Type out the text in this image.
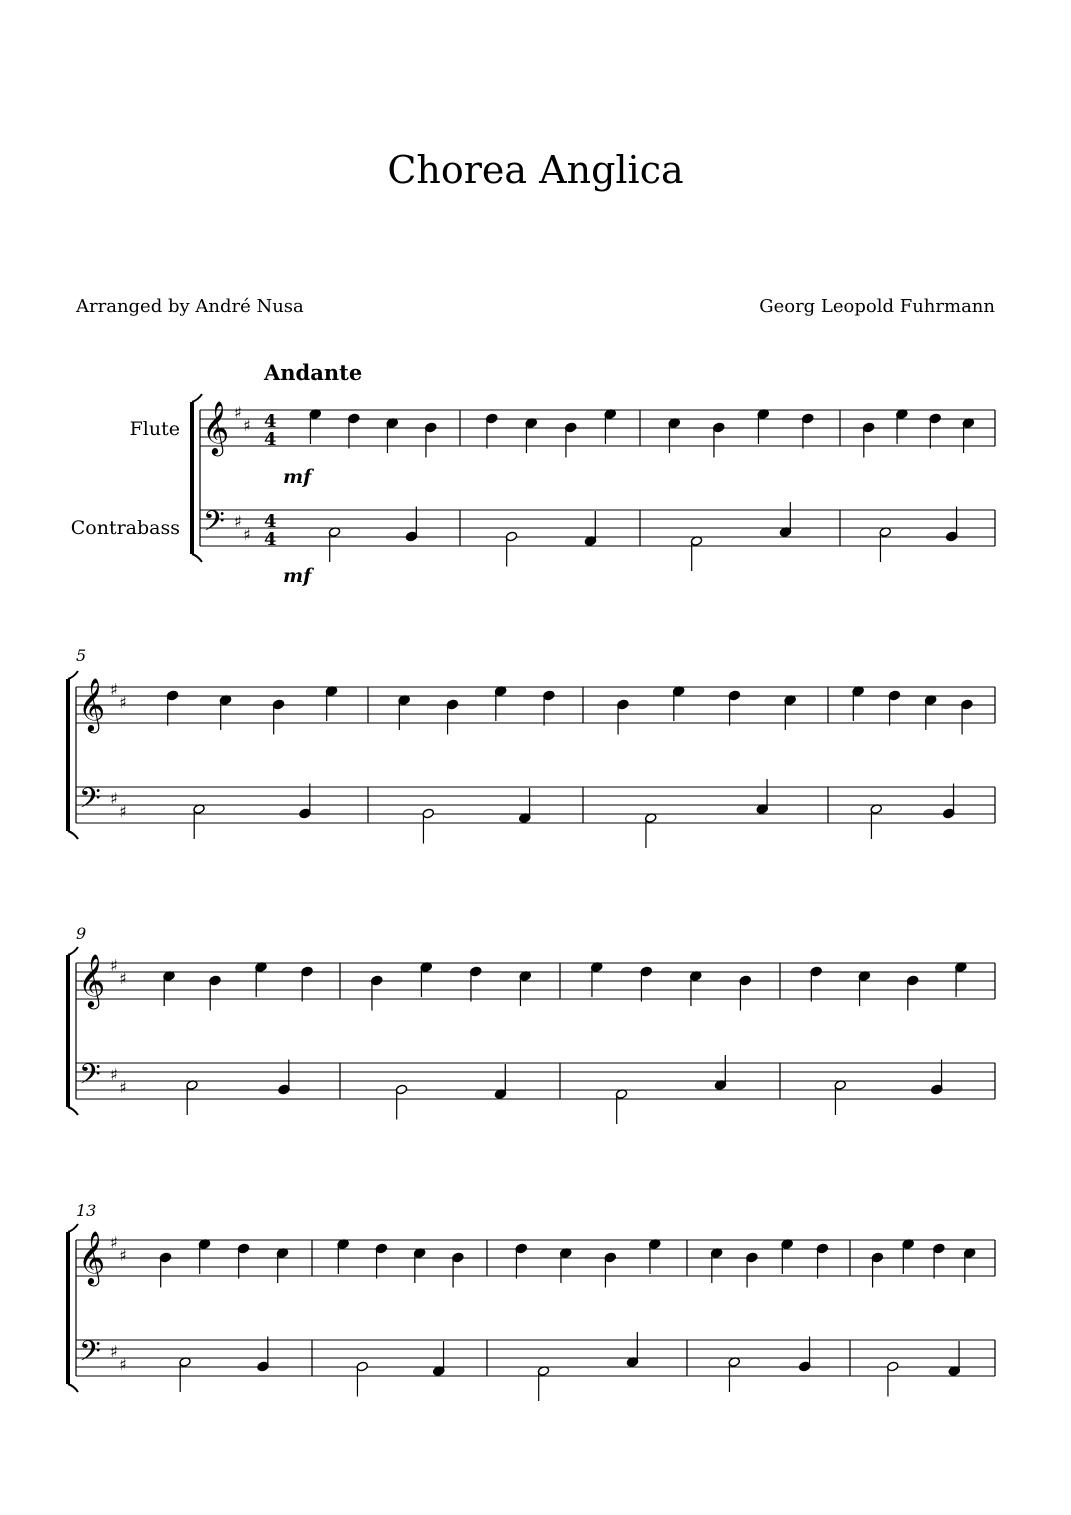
Chorea Anglica
Arranged by André Nusa	Georg Leopold Fuhrmann
Andante
Flute
Contrabass
5
9
13
𝄞
𝄢
♯
♯
♯
♯
𝄞
𝄢
♯
♯
♯
♯
𝄞
𝄢
♯
♯
♯
♯
𝄞
𝄢
♯
♯
♯
♯
4
4
4
4
mf
mf
